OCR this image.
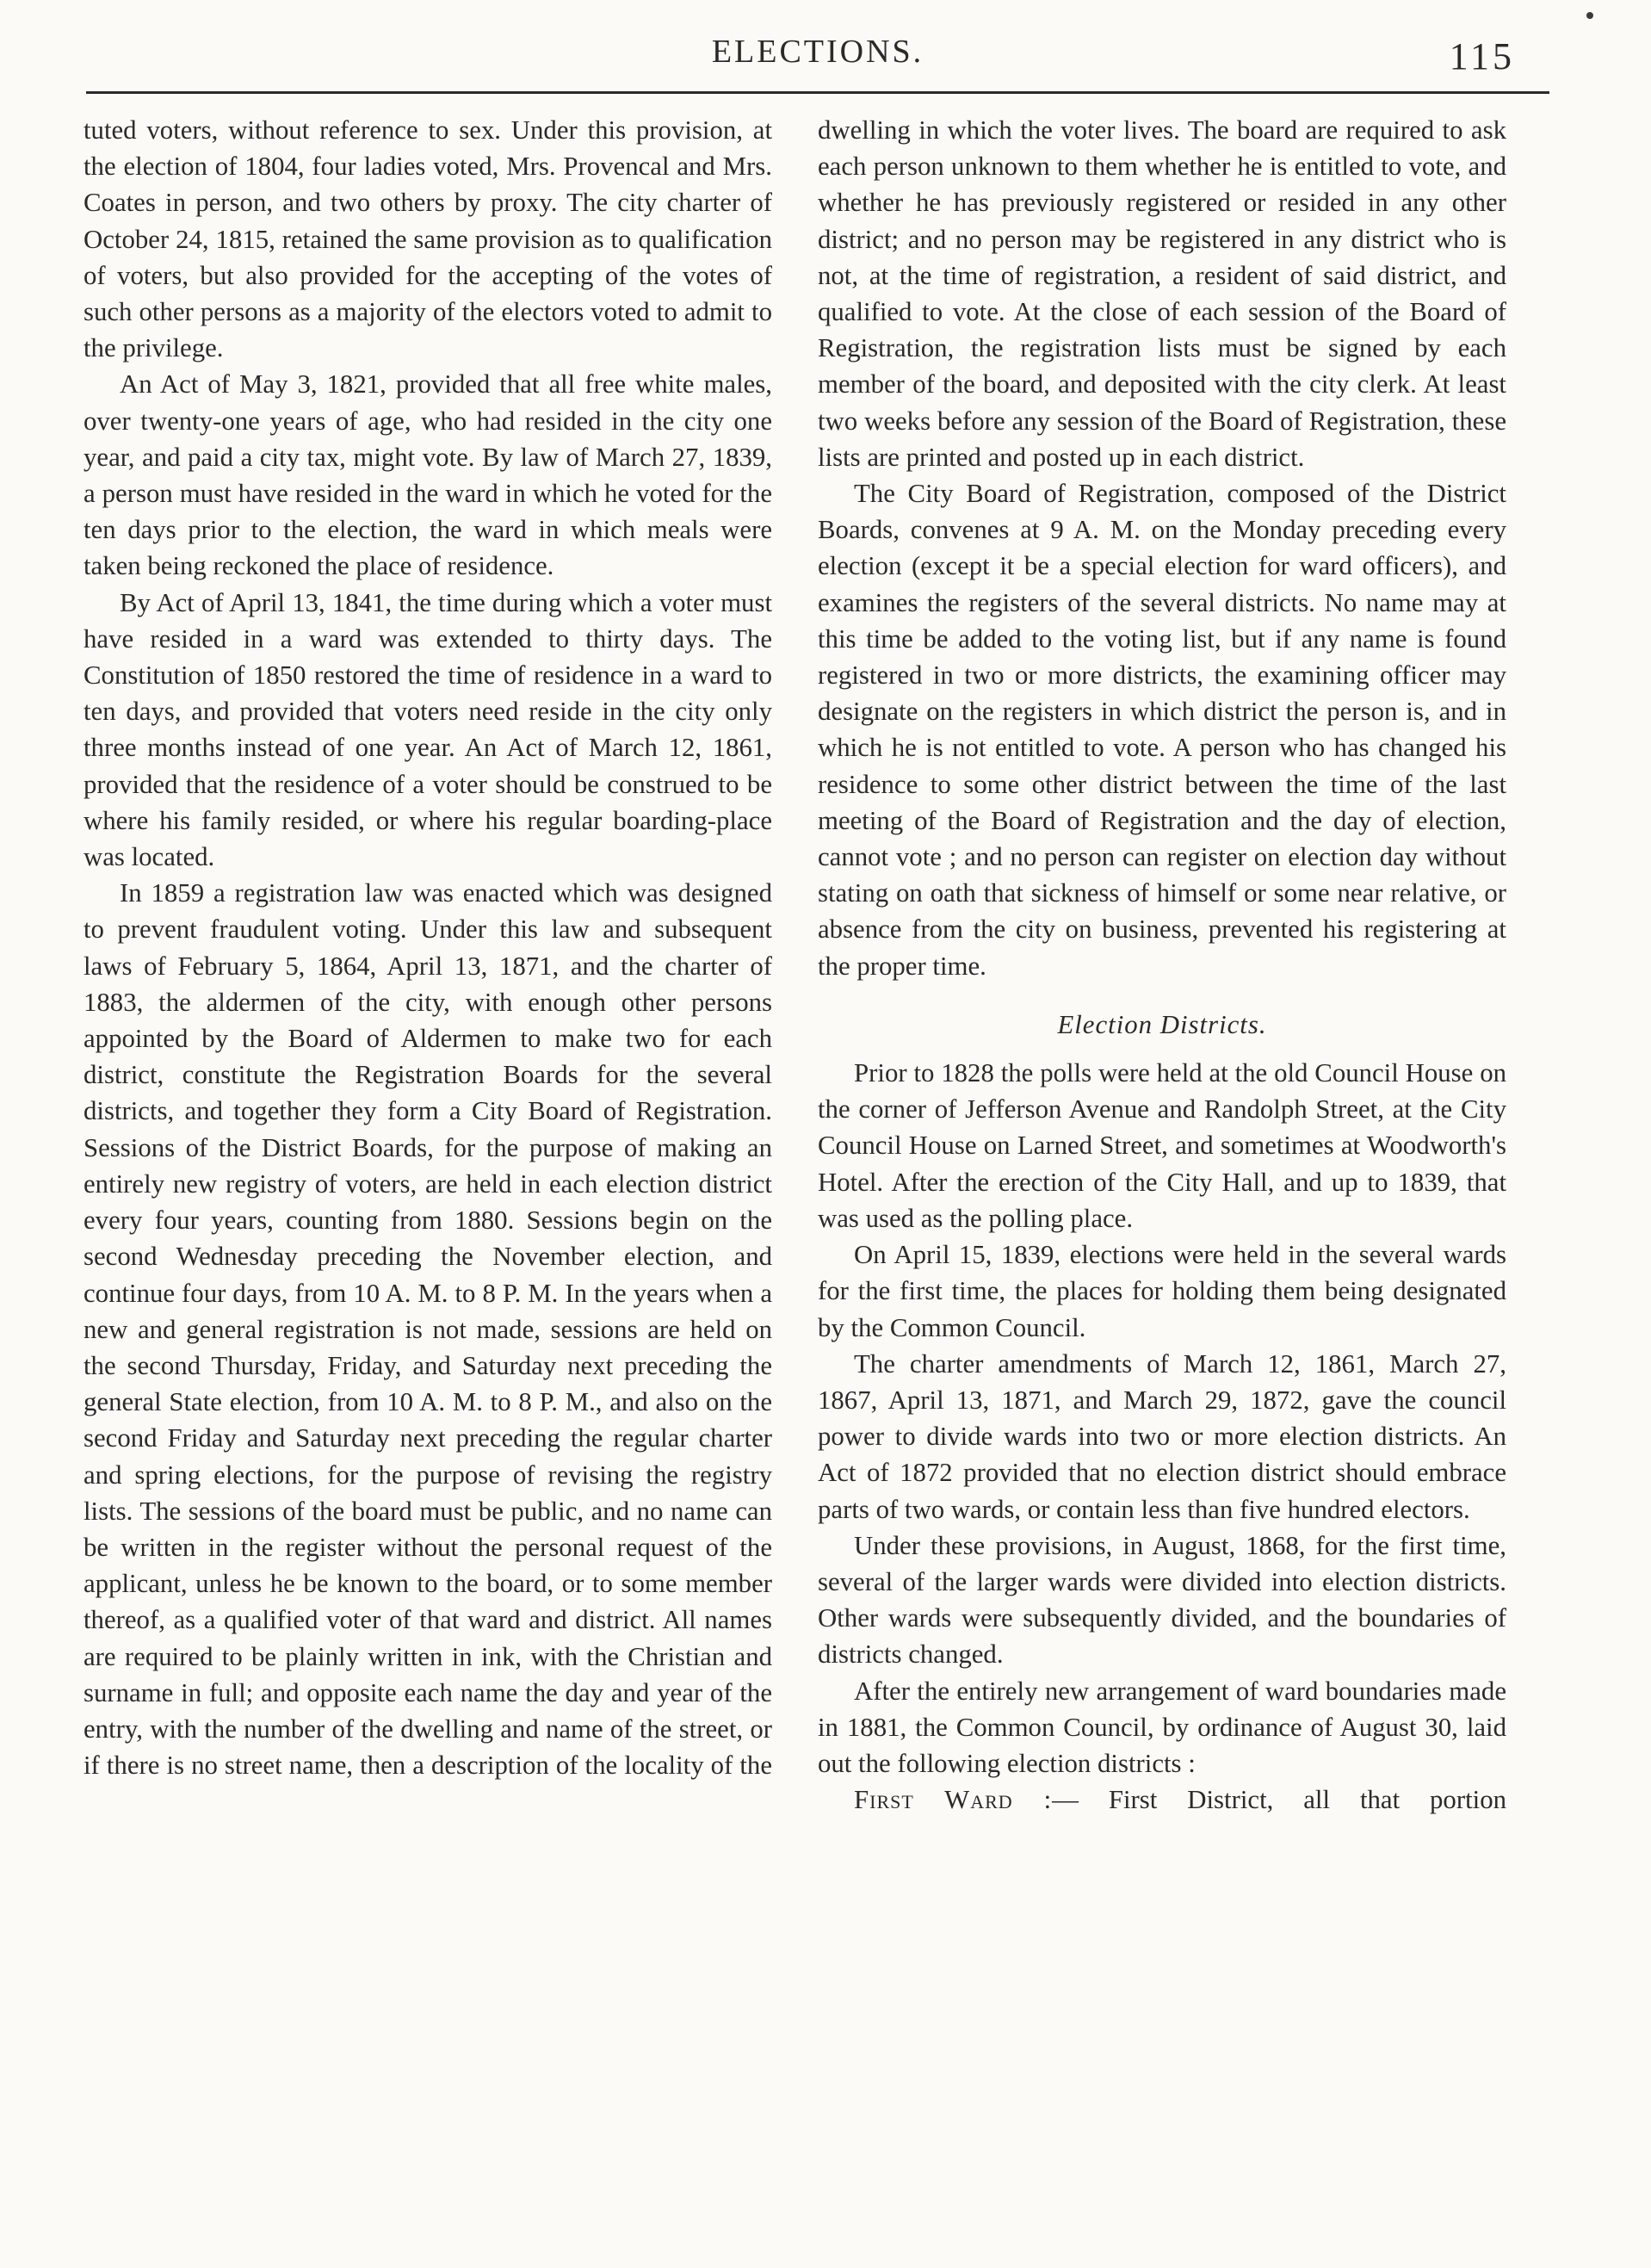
ELECTIONS.	115

tuted voters, without reference to sex. Under this provision, at the election of 1804, four ladies voted, Mrs. Provencal and Mrs. Coates in person, and two others by proxy. The city charter of October 24, 1815, retained the same provision as to qualification of voters, but also provided for the accepting of the votes of such other persons as a majority of the electors voted to admit to the privilege.

An Act of May 3, 1821, provided that all free white males, over twenty-one years of age, who had resided in the city one year, and paid a city tax, might vote. By law of March 27, 1839, a person must have resided in the ward in which he voted for the ten days prior to the election, the ward in which meals were taken being reckoned the place of residence.

By Act of April 13, 1841, the time during which a voter must have resided in a ward was extended to thirty days. The Constitution of 1850 restored the time of residence in a ward to ten days, and provided that voters need reside in the city only three months instead of one year. An Act of March 12, 1861, provided that the residence of a voter should be construed to be where his family resided, or where his regular boarding-place was located.

In 1859 a registration law was enacted which was designed to prevent fraudulent voting. Under this law and subsequent laws of February 5, 1864, April 13, 1871, and the charter of 1883, the aldermen of the city, with enough other persons appointed by the Board of Aldermen to make two for each district, constitute the Registration Boards for the several districts, and together they form a City Board of Registration. Sessions of the District Boards, for the purpose of making an entirely new registry of voters, are held in each election district every four years, counting from 1880. Sessions begin on the second Wednesday preceding the November election, and continue four days, from 10 A. M. to 8 P. M. In the years when a new and general registration is not made, sessions are held on the second Thursday, Friday, and Saturday next preceding the general State election, from 10 A. M. to 8 P. M., and also on the second Friday and Saturday next preceding the regular charter and spring elections, for the purpose of revising the registry lists. The sessions of the board must be public, and no name can be written in the register without the personal request of the applicant, unless he be known to the board, or to some member thereof, as a qualified voter of that ward and district. All names are required to be plainly written in ink, with the Christian and surname in full; and opposite each name the day and year of the entry, with the number of the dwelling and name of the street, or if there is no street name, then a description of the locality of the

dwelling in which the voter lives. The board are required to ask each person unknown to them whether he is entitled to vote, and whether he has previously registered or resided in any other district; and no person may be registered in any district who is not, at the time of registration, a resident of said district, and qualified to vote. At the close of each session of the Board of Registration, the registration lists must be signed by each member of the board, and deposited with the city clerk. At least two weeks before any session of the Board of Registration, these lists are printed and posted up in each district.

The City Board of Registration, composed of the District Boards, convenes at 9 A. M. on the Monday preceding every election (except it be a special election for ward officers), and examines the registers of the several districts. No name may at this time be added to the voting list, but if any name is found registered in two or more districts, the examining officer may designate on the registers in which district the person is, and in which he is not entitled to vote. A person who has changed his residence to some other district between the time of the last meeting of the Board of Registration and the day of election, cannot vote ; and no person can register on election day without stating on oath that sickness of himself or some near relative, or absence from the city on business, prevented his registering at the proper time.

Election Districts.

Prior to 1828 the polls were held at the old Council House on the corner of Jefferson Avenue and Randolph Street, at the City Council House on Larned Street, and sometimes at Woodworth's Hotel. After the erection of the City Hall, and up to 1839, that was used as the polling place.

On April 15, 1839, elections were held in the several wards for the first time, the places for holding them being designated by the Common Council.

The charter amendments of March 12, 1861, March 27, 1867, April 13, 1871, and March 29, 1872, gave the council power to divide wards into two or more election districts. An Act of 1872 provided that no election district should embrace parts of two wards, or contain less than five hundred electors.

Under these provisions, in August, 1868, for the first time, several of the larger wards were divided into election districts. Other wards were subsequently divided, and the boundaries of districts changed.

After the entirely new arrangement of ward boundaries made in 1881, the Common Council, by ordinance of August 30, laid out the following election districts :

First Ward :— First District, all that portion
